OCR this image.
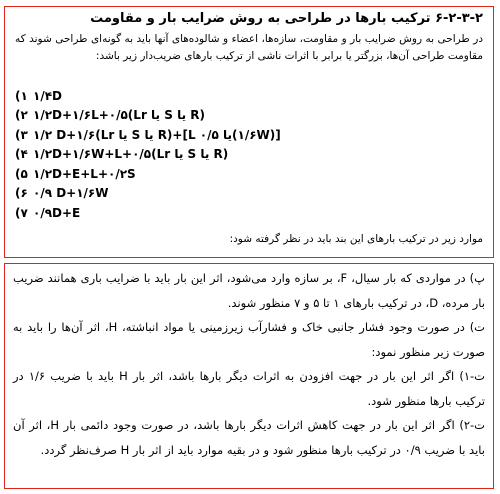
۶-۲-۳-۲ ترکیب بارها در طراحی به روش ضرایب بار و مقاومت
در طراحی به روش ضرایب بار و مقاومت، سازه‌ها، اعضاء و شالوده‌های آنها باید به گونه‌ای طراحی شوند که مقاومت طراحی آن‌ها، بزرگتر یا برابر با اثرات ناشی از ترکیب بارهای ضریب‌دار زیر باشد:
۱) ۱/۴D
۲) ۱/۲D+۱/۶L+۰/۵(Lr یا S یا R)
۳) ۱/۲ D+۱/۶(Lr یا S یا R)+[L یا ۰/۵(۱/۶W)]
۴) ۱/۲D+۱/۶W+L+۰/۵(Lr یا S یا R)
۵) ۱/۲D+E+L+۰/۲S
۶) ۰/۹ D+۱/۶W
۷) ۰/۹D+E
موارد زیر در ترکیب بارهای این بند باید در نظر گرفته شود:

پ) در مواردی که بار سیال، F، بر سازه وارد می‌شود، اثر این بار باید با ضرایب باری همانند ضریب بار مرده، D، در ترکیب بارهای ۱ تا ۵ و ۷ منظور شوند.

ت) در صورت وجود فشار جانبی خاک و فشارآب زیرزمینی یا مواد انباشته، H، اثر آن‌ها را باید به صورت زیر منظور نمود:

ت-۱) اگر اثر این بار در جهت افزودن به اثرات دیگر بارها باشد، اثر بار H باید با ضریب ۱/۶ در ترکیب بارها منظور شود.

ت-۲) اگر اثر این بار در جهت کاهش اثرات دیگر بارها باشد، در صورت وجود دائمی بار H، اثر آن باید با ضریب ۰/۹ در ترکیب بارها منظور شود و در بقیه موارد باید از اثر بار H صرف‌نظر گردد.
